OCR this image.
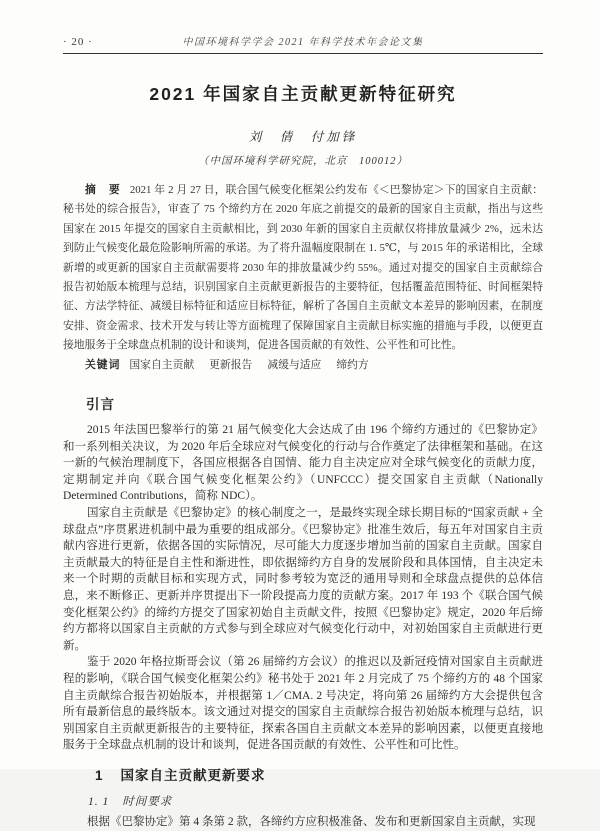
· 20 ·	中国环境科学学会 2021 年科学技术年会论文集
2021 年国家自主贡献更新特征研究
刘　倩　付加锋
（中国环境科学研究院，北京　100012）

摘　要 2021 年 2 月 27 日，联合国气候变化框架公约发布《＜巴黎协定＞下的国家自主贡献：秘书处的综合报告》，审查了 75 个缔约方在 2020 年底之前提交的最新的国家自主贡献，指出与这些国家在 2015 年提交的国家自主贡献相比，到 2030 年新的国家自主贡献仅将排放量减少 2%，远未达到防止气候变化最危险影响所需的承诺。为了将升温幅度限制在 1. 5℃，与 2015 年的承诺相比，全球新增的或更新的国家自主贡献需要将 2030 年的排放量减少约 55%。通过对提交的国家自主贡献综合报告初始版本梳理与总结，识别国家自主贡献更新报告的主要特征，包括覆盖范围特征、时间框架特征、方法学特征、减缓目标特征和适应目标特征，解析了各国自主贡献文本差异的影响因素，在制度安排、资金需求、技术开发与转让等方面梳理了保障国家自主贡献目标实施的措施与手段，以便更直接地服务于全球盘点机制的设计和谈判，促进各国贡献的有效性、公平性和可比性。

关键词 国家自主贡献 更新报告 减缓与适应 缔约方

引言

2015 年法国巴黎举行的第 21 届气候变化大会达成了由 196 个缔约方通过的《巴黎协定》和一系列相关决议，为 2020 年后全球应对气候变化的行动与合作奠定了法律框架和基础。在这一新的气候治理制度下，各国应根据各自国情、能力自主决定应对全球气候变化的贡献力度，定期制定并向《联合国气候变化框架公约》（UNFCCC）提交国家自主贡献（Nationally Determined Contributions，简称 NDC）。

国家自主贡献是《巴黎协定》的核心制度之一，是最终实现全球长期目标的“国家贡献 + 全球盘点”序贯累进机制中最为重要的组成部分。《巴黎协定》批准生效后，每五年对国家自主贡献内容进行更新，依据各国的实际情况，尽可能大力度逐步增加当前的国家自主贡献。国家自主贡献最大的特征是自主性和渐进性，即依据缔约方自身的发展阶段和具体国情，自主决定未来一个时期的贡献目标和实现方式，同时参考较为宽泛的通用导则和全球盘点提供的总体信息，来不断修正、更新并序贯提出下一阶段提高力度的贡献方案。2017 年 193 个《联合国气候变化框架公约》的缔约方提交了国家初始自主贡献文件，按照《巴黎协定》规定，2020 年后缔约方都将以国家自主贡献的方式参与到全球应对气候变化行动中，对初始国家自主贡献进行更新。

鉴于 2020 年格拉斯哥会议（第 26 届缔约方会议）的推迟以及新冠疫情对国家自主贡献进程的影响，《联合国气候变化框架公约》秘书处于 2021 年 2 月完成了 75 个缔约方的 48 个国家自主贡献综合报告初始版本，并根据第 1／CMA. 2 号决定，将向第 26 届缔约方大会提供包含所有最新信息的最终版本。该文通过对提交的国家自主贡献综合报告初始版本梳理与总结，识别国家自主贡献更新报告的主要特征，探索各国自主贡献文本差异的影响因素，以便更直接地服务于全球盘点机制的设计和谈判，促进各国贡献的有效性、公平性和可比性。

1 国家自主贡献更新要求
1. 1 时间要求

根据《巴黎协定》第 4 条第 2 款，各缔约方应积极准备、发布和更新国家自主贡献，实现
